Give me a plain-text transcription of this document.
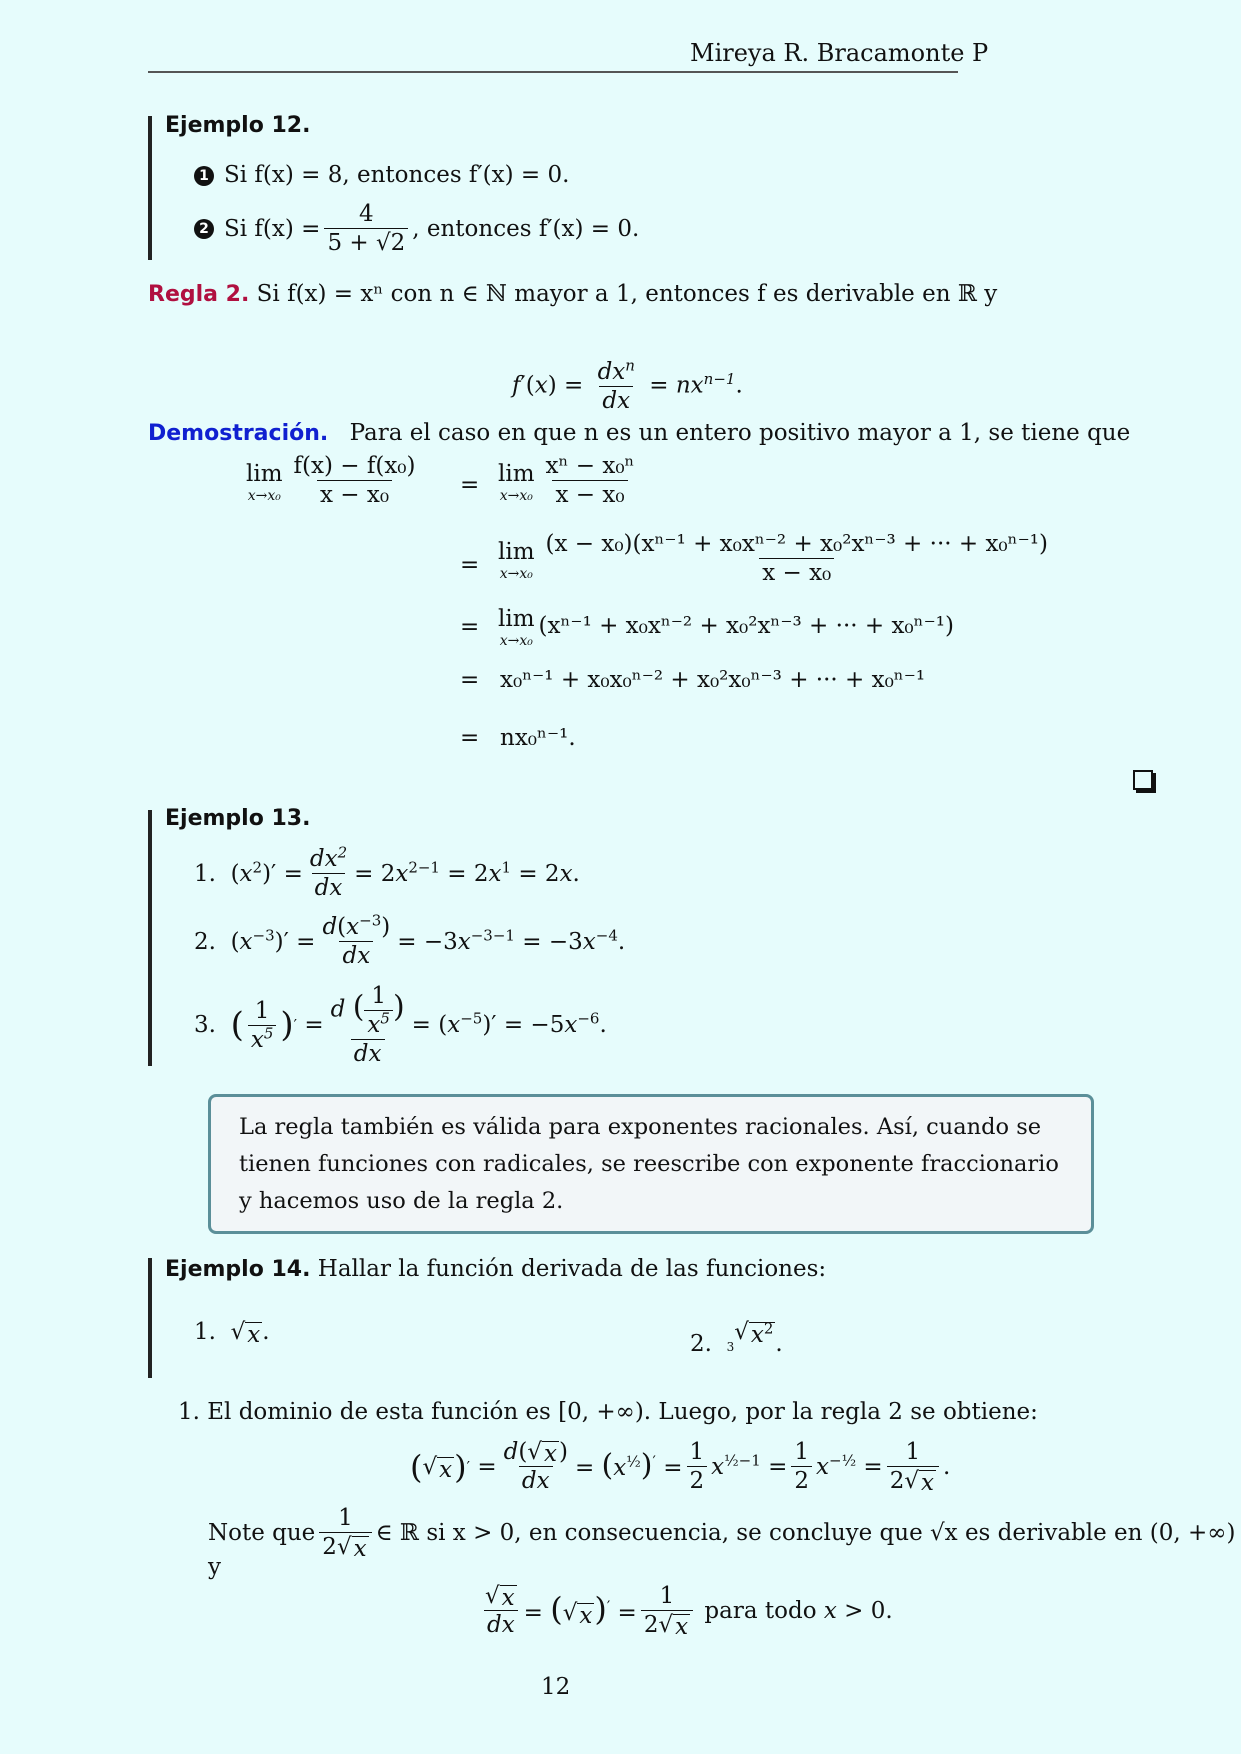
Mireya R. Bracamonte P
Ejemplo 12.
1 Si f(x) = 8, entonces f′(x) = 0.
2 Si $f(x) = \frac{4}{5 + √2}$ , entonces f′(x) = 0.
Regla 2. Si f(x) = xⁿ con n ∈ ℕ mayor a 1, entonces f es derivable en ℝ y
$f'(x) = \frac{dx^n}{dx} = nx^{n-1}$.
Demostración. Para el caso en que n es un entero positivo mayor a 1, se tiene que
lim
$x\to x_0 \frac{\text{f(x) − f(x₀)}}{\text{x − x₀}} = \lim$
$x\to x_0 \frac{\text{xⁿ − x₀ⁿ}}{\text{x − x₀}}$
=
lim
$x\to x_0 \frac{\text{(x − x₀)(xⁿ⁻¹ + x₀xⁿ⁻² + x₀²xⁿ⁻³ + ··· + x₀ⁿ⁻¹)}}{\text{x − x₀}}$
= lim
x→x₀
(xⁿ⁻¹ + x₀xⁿ⁻² + x₀²xⁿ⁻³ + ··· + x₀ⁿ⁻¹)
= x₀ⁿ⁻¹ + x₀x₀ⁿ⁻² + x₀²x₀ⁿ⁻³ + ··· + x₀ⁿ⁻¹
= nx₀ⁿ⁻¹.
Ejemplo 13.
1.  $(x^2)' = \frac{dx^2}{dx} = 2x^{2-1} = 2x^1 = 2x$.
2.  $(x^{-3})' = \frac{d(x^{-3})}{dx} = -3x^{-3-1} = -3x^{-4}$.
3. ( $\frac{1}{x^5}$ ) ′ = $\frac{d ( \frac{1}{x^5} )}{dx} = (x^{-5})' = -5x^{-6}$.
La regla también es válida para exponentes racionales. Así, cuando se tienen funciones con radicales, se reescribe con exponente fraccionario y hacemos uso de la regla 2.
Ejemplo 14. Hallar la función derivada de las funciones:
1.  √ x .	2. 3
√ $x^2$
.
1. El dominio de esta función es [0, +∞). Luego, por la regla 2 se obtiene:
( √ x ) ′ = $\frac{d(√ x )}{dx} = (x^{\frac{1}{2}})' = \frac{1}{2} x^{\frac{1}{2}-1} = \frac{1}{2} x^{-\frac{1}{2}} = \frac{1}{2√ x}$ .
Note que $\frac{1}{2√ x}$ ∈ ℝ si x > 0, en consecuencia, se concluye que √x es derivable en (0, +∞)
y
$\frac{√ x}{dx}$ = (√ x )$' = \frac{1}{2√ x}$ para todo x > 0.
12
